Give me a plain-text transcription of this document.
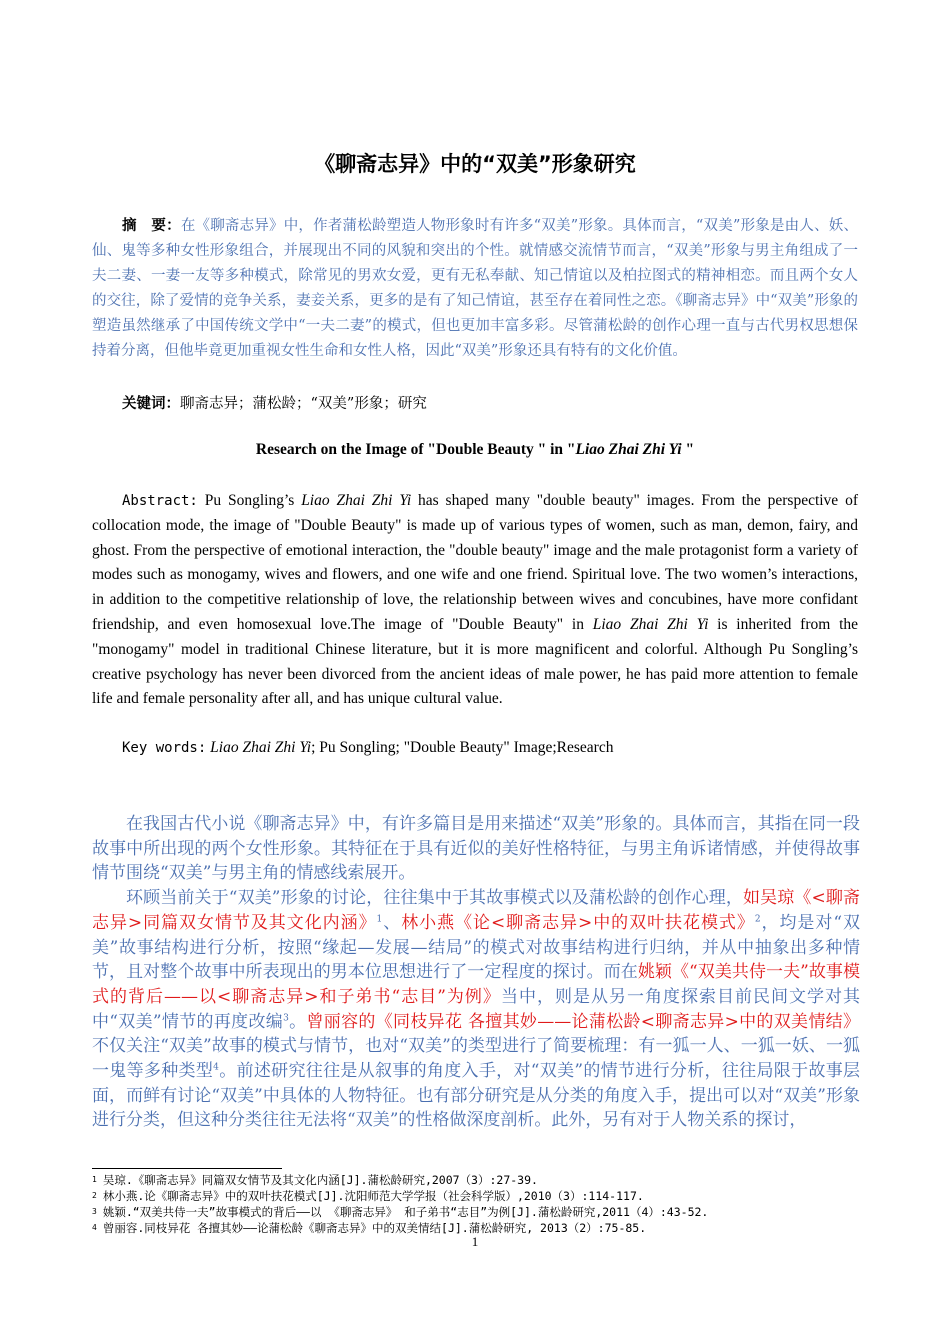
《聊斋志异》中的“双美”形象研究
摘　要：在《聊斋志异》中，作者蒲松龄塑造人物形象时有许多“双美”形象。具体而言，“双美”形象是由人、妖、仙、鬼等多种女性形象组合，并展现出不同的风貌和突出的个性。就情感交流情节而言，“双美”形象与男主角组成了一夫二妻、一妻一友等多种模式，除常见的男欢女爱，更有无私奉献、知己情谊以及柏拉图式的精神相恋。而且两个女人的交往，除了爱情的竞争关系，妻妾关系，更多的是有了知己情谊，甚至存在着同性之恋。《聊斋志异》中“双美”形象的塑造虽然继承了中国传统文学中“一夫二妻”的模式，但也更加丰富多彩。尽管蒲松龄的创作心理一直与古代男权思想保持着分离，但他毕竟更加重视女性生命和女性人格，因此“双美”形象还具有特有的文化价值。
关键词：聊斋志异；蒲松龄；“双美”形象；研究
Research on the Image of "Double Beauty " in "Liao Zhai Zhi Yi "
Abstract: Pu Songling’s Liao Zhai Zhi Yi has shaped many "double beauty" images. From the perspective of collocation mode, the image of "Double Beauty" is made up of various types of women, such as man, demon, fairy, and ghost. From the perspective of emotional interaction, the "double beauty" image and the male protagonist form a variety of modes such as monogamy, wives and flowers, and one wife and one friend. Spiritual love. The two women’s interactions, in addition to the competitive relationship of love, the relationship between wives and concubines, have more confidant friendship, and even homosexual love.The image of "Double Beauty" in Liao Zhai Zhi Yi is inherited from the "monogamy" model in traditional Chinese literature, but it is more magnificent and colorful. Although Pu Songling’s creative psychology has never been divorced from the ancient ideas of male power, he has paid more attention to female life and female personality after all, and has unique cultural value.
Key words: Liao Zhai Zhi Yi; Pu Songling; "Double Beauty" Image;Research

在我国古代小说《聊斋志异》中，有许多篇目是用来描述“双美”形象的。具体而言，其指在同一段故事中所出现的两个女性形象。其特征在于具有近似的美好性格特征，与男主角诉诸情感，并使得故事情节围绕“双美”与男主角的情感线索展开。

环顾当前关于“双美”形象的讨论，往往集中于其故事模式以及蒲松龄的创作心理，如吴琼《<聊斋志异>同篇双女情节及其文化内涵》$^1$、林小燕《论<聊斋志异>中的双叶扶花模式》$^2$，均是对“双美”故事结构进行分析，按照“缘起—发展—结局”的模式对故事结构进行归纳，并从中抽象出多种情节，且对整个故事中所表现出的男本位思想进行了一定程度的探讨。而在姚颖《“双美共侍一夫”故事模式的背后——以<聊斋志异>和子弟书“志目”为例》当中，则是从另一角度探索目前民间文学对其中“双美”情节的再度改编$^3$。曾丽容的《同枝异花 各擅其妙——论蒲松龄<聊斋志异>中的双美情结》不仅关注“双美”故事的模式与情节，也对“双美”的类型进行了简要梳理：有一狐一人、一狐一妖、一狐一鬼等多种类型$^4$。前述研究往往是从叙事的角度入手，对“双美”的情节进行分析，往往局限于故事层面，而鲜有讨论“双美”中具体的人物特征。也有部分研究是从分类的角度入手，提出可以对“双美”形象进行分类，但这种分类往往无法将“双美”的性格做深度剖析。此外，另有对于人物关系的探讨，

$^1$ 吴琼.《聊斋志异》同篇双女情节及其文化内涵[J].蒲松龄研究,2007（3）:27-39.
$^2$ 林小燕.论《聊斋志异》中的双叶扶花模式[J].沈阳师范大学学报（社会科学版）,2010（3）:114-117.
$^3$ 姚颖.“双美共侍一夫”故事模式的背后——以 《聊斋志异》 和子弟书“志目”为例[J].蒲松龄研究,2011（4）:43-52.
$^4$ 曾丽容.同枝异花 各擅其妙——论蒲松龄《聊斋志异》中的双美情结[J].蒲松龄研究, 2013（2）:75-85.
1
